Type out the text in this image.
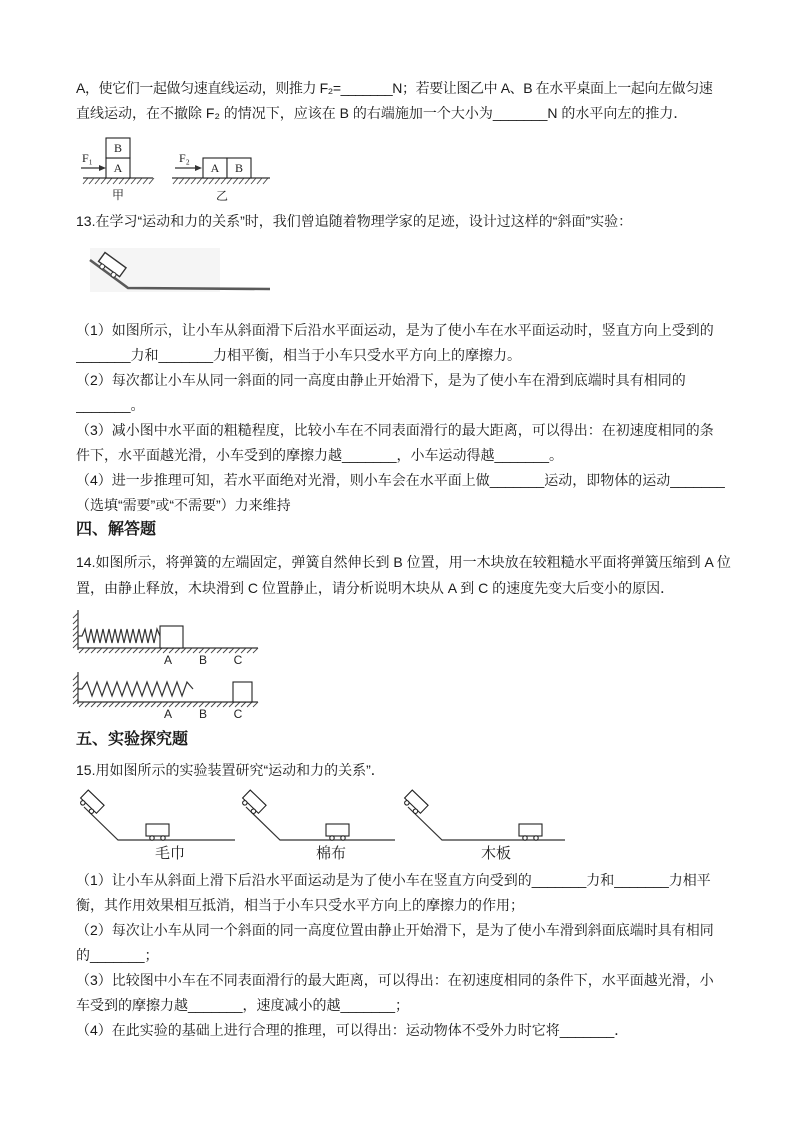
A，使它们一起做匀速直线运动，则推力 F₂=_______N；若要让图乙中 A、B 在水平桌面上一起向左做匀速
直线运动，在不撤除 F₂ 的情况下，应该在 B 的右端施加一个大小为_______N 的水平向左的推力．
A
B
F₁
甲
A B
F₂
乙
13.在学习“运动和力的关系”时，我们曾追随着物理学家的足迹，设计过这样的“斜面”实验：
（1）如图所示，让小车从斜面滑下后沿水平面运动，是为了使小车在水平面运动时，竖直方向上受到的
_______力和_______力相平衡，相当于小车只受水平方向上的摩擦力。
（2）每次都让小车从同一斜面的同一高度由静止开始滑下，是为了使小车在滑到底端时具有相同的
_______。
（3）减小图中水平面的粗糙程度，比较小车在不同表面滑行的最大距离，可以得出：在初速度相同的条
件下，水平面越光滑，小车受到的摩擦力越_______，小车运动得越_______。
（4）进一步推理可知，若水平面绝对光滑，则小车会在水平面上做_______运动，即物体的运动_______
（选填“需要”或“不需要”）力来维持
四、解答题
14.如图所示，将弹簧的左端固定，弹簧自然伸长到 B 位置，用一木块放在较粗糙水平面将弹簧压缩到 A 位
置，由静止释放，木块滑到 C 位置静止，请分析说明木块从 A 到 C 的速度先变大后变小的原因．
A B C
A B C
五、实验探究题
15.用如图所示的实验装置研究“运动和力的关系”．
毛巾	棉布	木板
（1）让小车从斜面上滑下后沿水平面运动是为了使小车在竖直方向受到的_______力和_______力相平
衡，其作用效果相互抵消，相当于小车只受水平方向上的摩擦力的作用；
（2）每次让小车从同一个斜面的同一高度位置由静止开始滑下，是为了使小车滑到斜面底端时具有相同
的_______；
（3）比较图中小车在不同表面滑行的最大距离，可以得出：在初速度相同的条件下，水平面越光滑，小
车受到的摩擦力越_______，速度减小的越_______；
（4）在此实验的基础上进行合理的推理，可以得出：运动物体不受外力时它将_______．
